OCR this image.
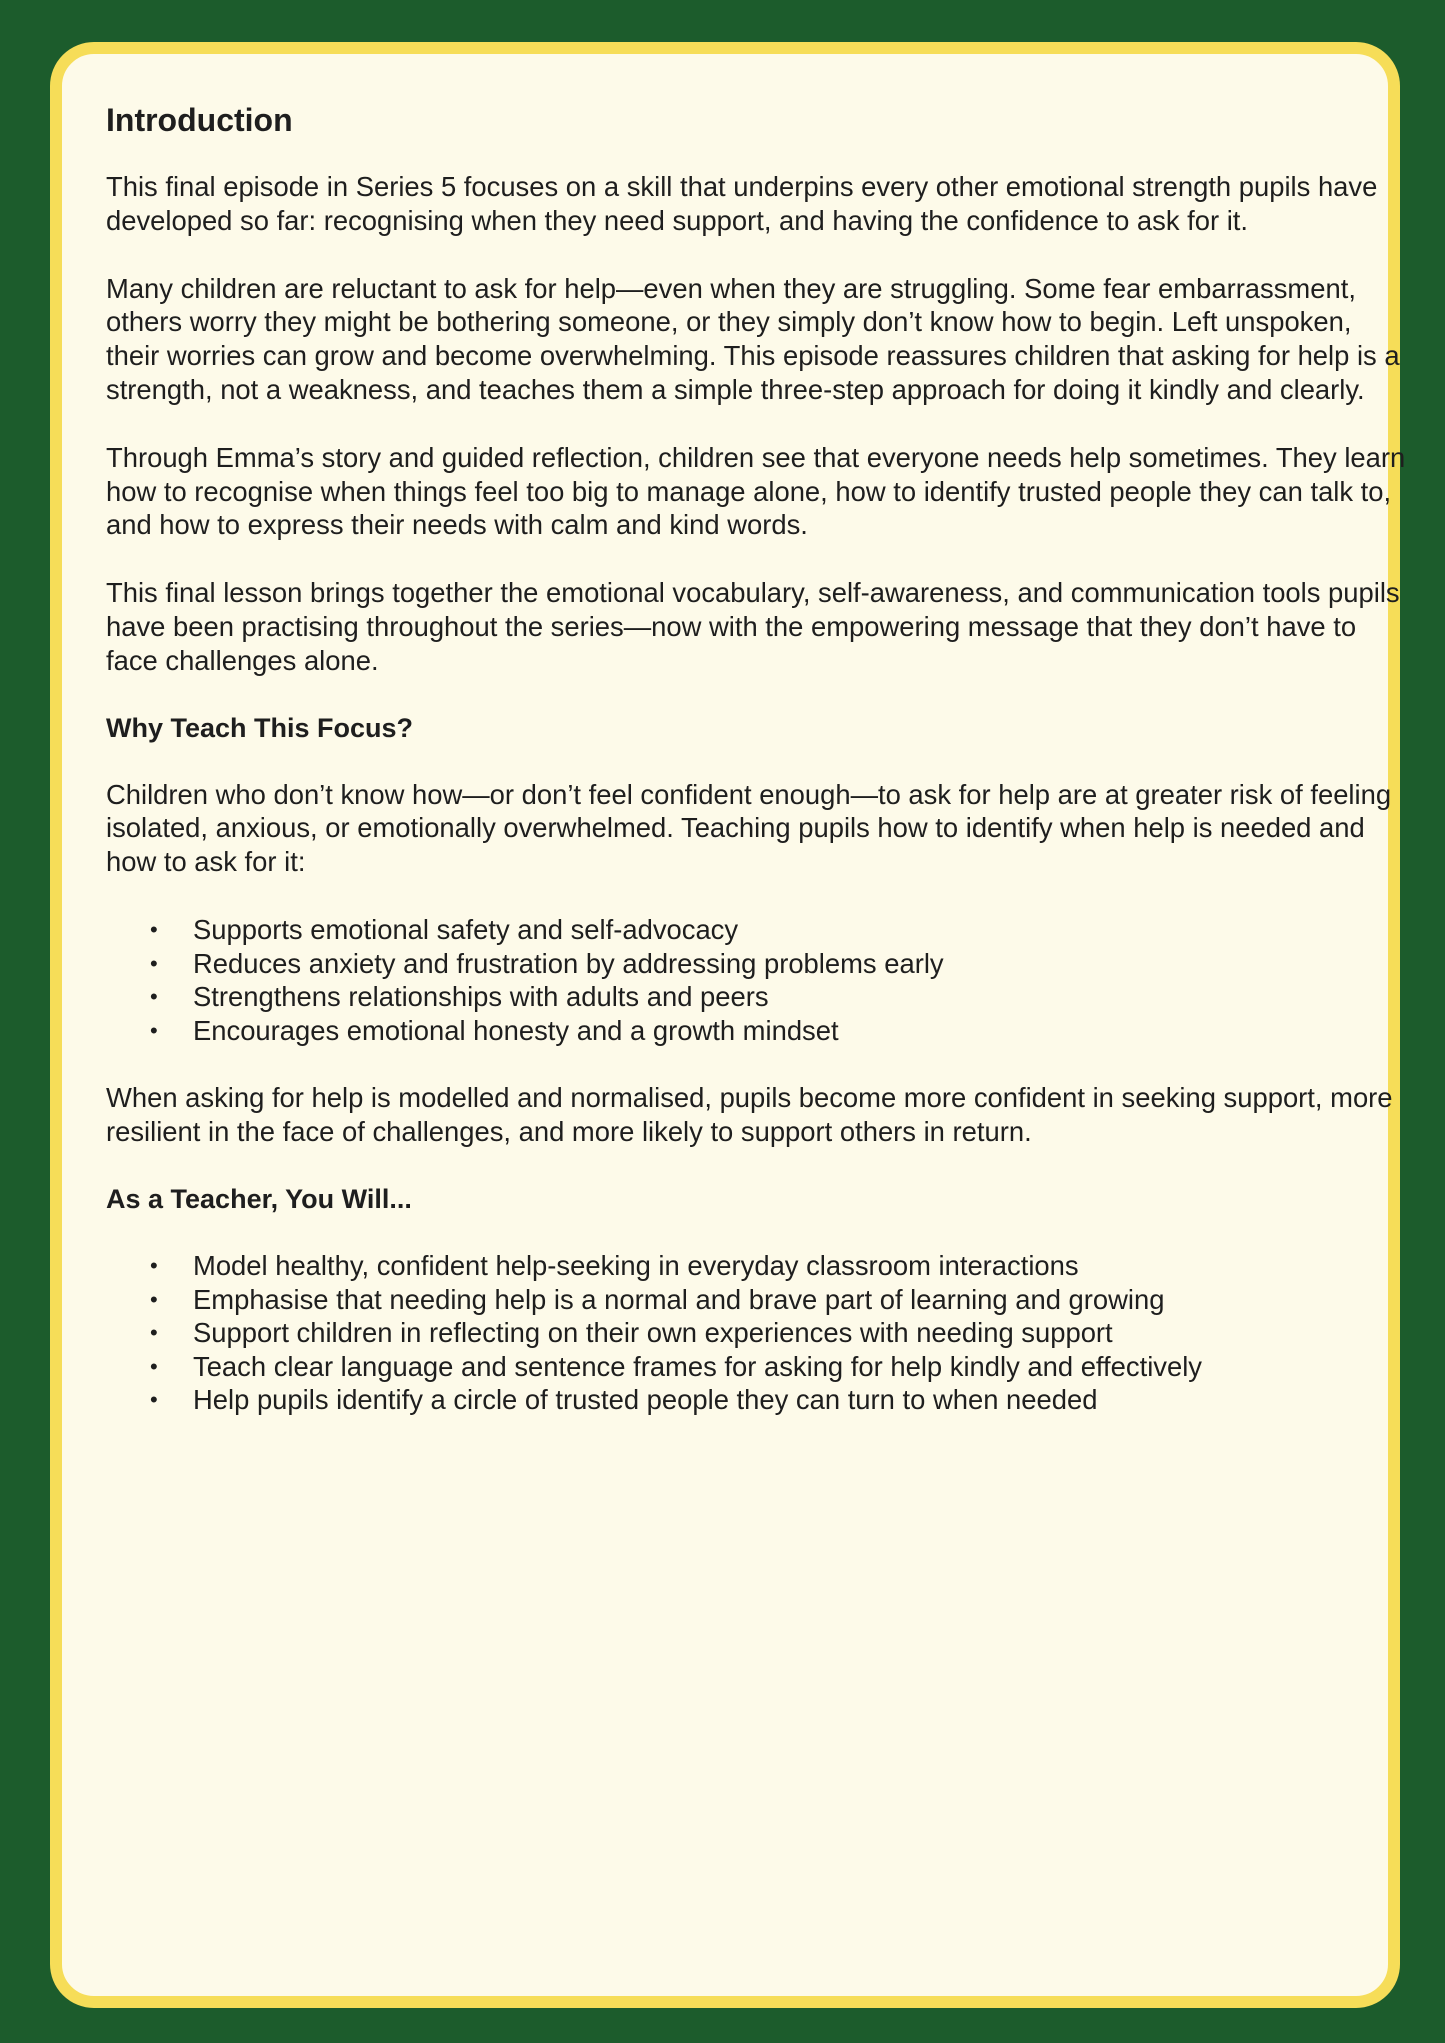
Introduction

This final episode in Series 5 focuses on a skill that underpins every other emotional strength pupils have developed so far: recognising when they need support, and having the confidence to ask for it.

Many children are reluctant to ask for help—even when they are struggling. Some fear embarrassment, others worry they might be bothering someone, or they simply don’t know how to begin. Left unspoken, their worries can grow and become overwhelming. This episode reassures children that asking for help is a strength, not a weakness, and teaches them a simple three-step approach for doing it kindly and clearly.

Through Emma’s story and guided reflection, children see that everyone needs help sometimes. They learn how to recognise when things feel too big to manage alone, how to identify trusted people they can talk to, and how to express their needs with calm and kind words.

This final lesson brings together the emotional vocabulary, self-awareness, and communication tools pupils have been practising throughout the series—now with the empowering message that they don’t have to face challenges alone.

Why Teach This Focus?

Children who don’t know how—or don’t feel confident enough—to ask for help are at greater risk of feeling isolated, anxious, or emotionally overwhelmed. Teaching pupils how to identify when help is needed and how to ask for it:

• Supports emotional safety and self-advocacy
• Reduces anxiety and frustration by addressing problems early
• Strengthens relationships with adults and peers
• Encourages emotional honesty and a growth mindset

When asking for help is modelled and normalised, pupils become more confident in seeking support, more resilient in the face of challenges, and more likely to support others in return.

As a Teacher, You Will...
• Model healthy, confident help-seeking in everyday classroom interactions
• Emphasise that needing help is a normal and brave part of learning and growing
• Support children in reflecting on their own experiences with needing support
• Teach clear language and sentence frames for asking for help kindly and effectively
• Help pupils identify a circle of trusted people they can turn to when needed
